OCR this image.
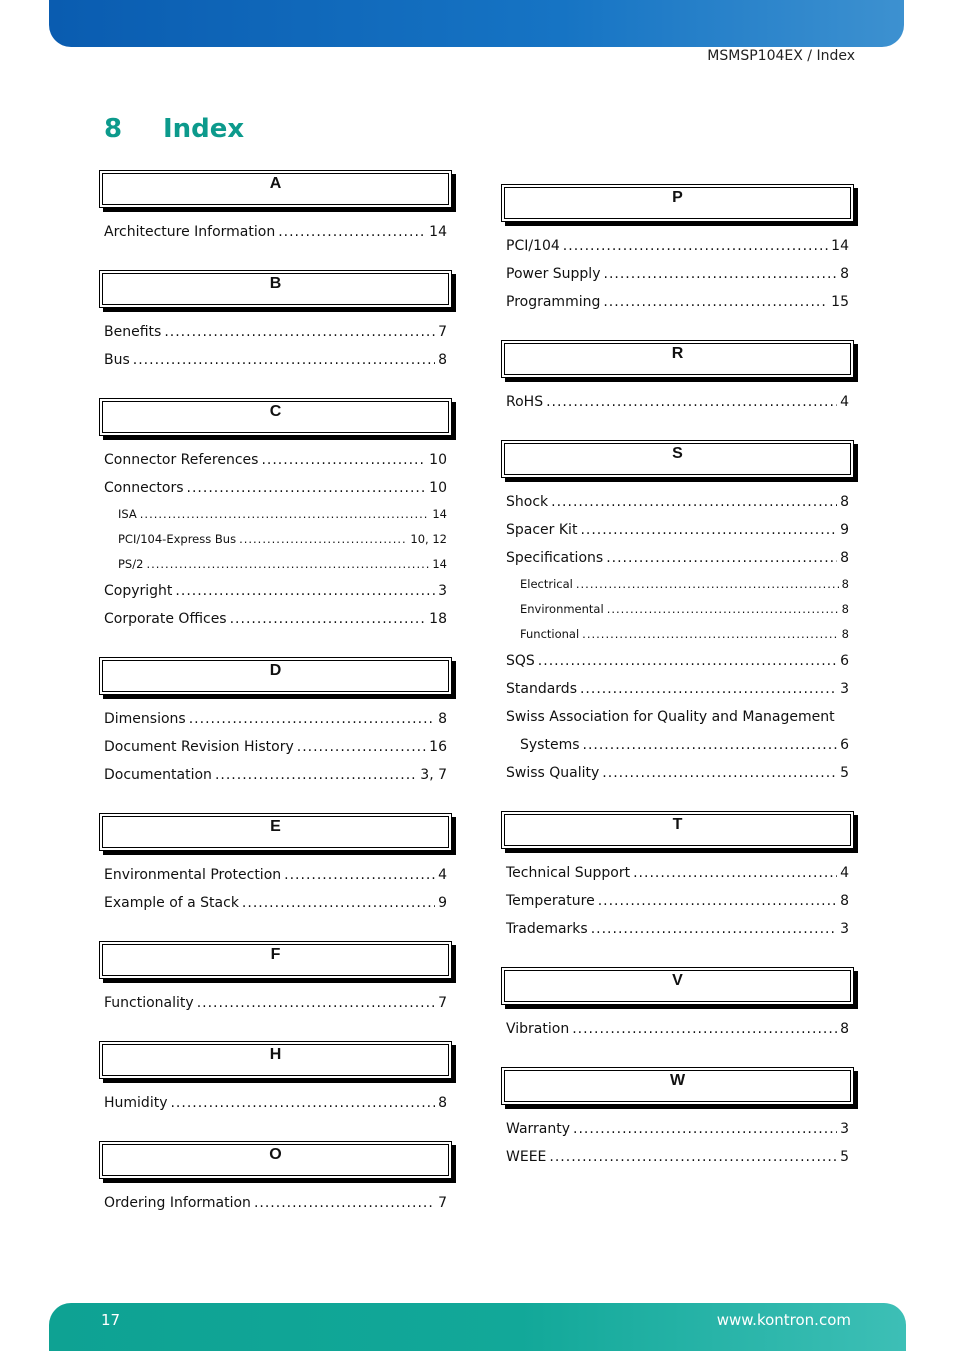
MSMSP104EX / Index
8 Index
A
Architecture Information .....	14
B
Benefits .....	7
Bus .....	8
C
Connector References .....	10
Connectors .....	10
ISA .....	14
PCI/104-Express Bus .....	10, 12
PS/2 .....	14
Copyright .....	3
Corporate Offices .....	18
D
Dimensions .....	8
Document Revision History .....	16
Documentation .....	3, 7
E
Environmental Protection .....	4
Example of a Stack .....	9
F
Functionality .....	7
H
Humidity .....	8
O
Ordering Information .....	7
P
PCI/104 .....	14
Power Supply .....	8
Programming .....	15
R
RoHS .....	4
S
Shock .....	8
Spacer Kit .....	9
Specifications .....	8
Electrical .....	8
Environmental .....	8
Functional .....	8
SQS .....	6
Standards .....	3
Swiss Association for Quality and Management
Systems .....	6
Swiss Quality .....	5
T
Technical Support .....	4
Temperature .....	8
Trademarks .....	3
V
Vibration .....	8
W
Warranty .....	3
WEEE .....	5
17	www.kontron.com
